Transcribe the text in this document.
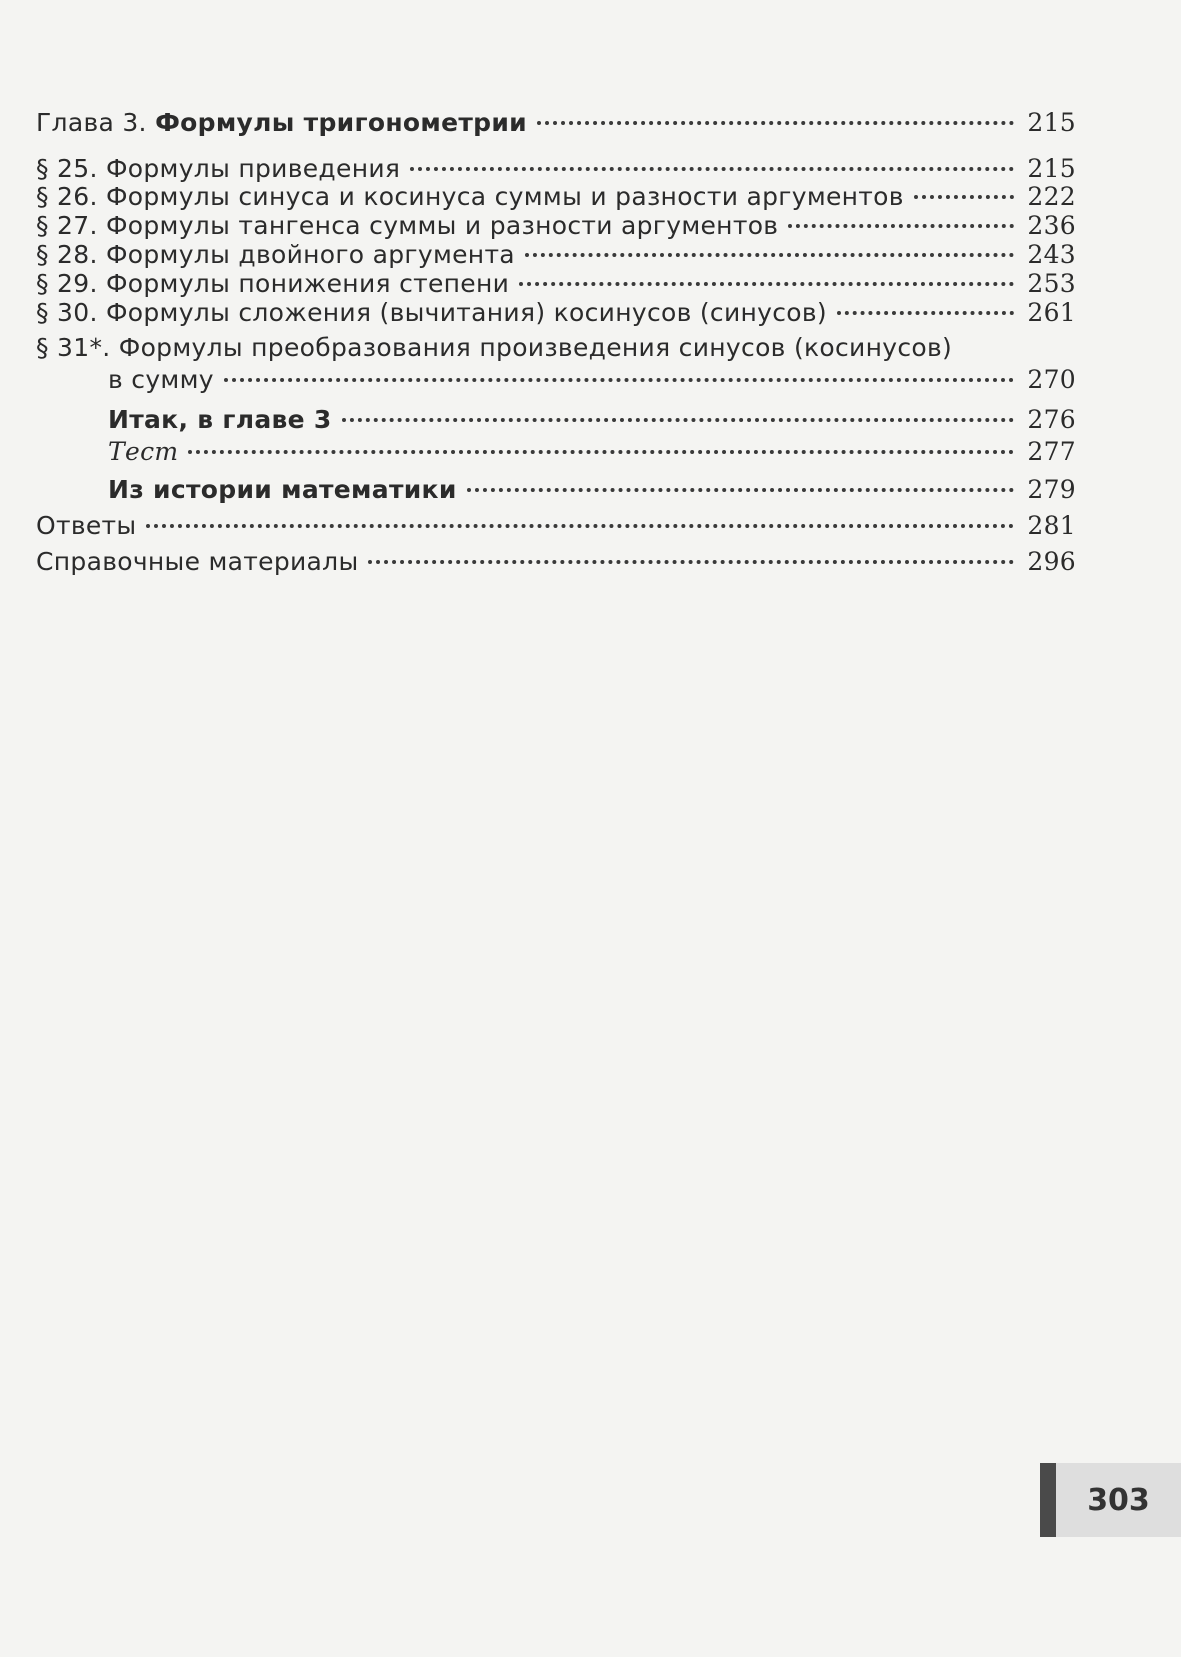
Глава 3. Формулы тригонометрии	215
§ 25. Формулы приведения	215
§ 26. Формулы синуса и косинуса суммы и разности аргументов	222
§ 27. Формулы тангенса суммы и разности аргументов	236
§ 28. Формулы двойного аргумента	243
§ 29. Формулы понижения степени	253
§ 30. Формулы сложения (вычитания) косинусов (синусов)	261
§ 31*. Формулы преобразования произведения синусов (косинусов)
в сумму	270
Итак, в главе 3	276
Тест	277
Из истории математики	279
Ответы	281
Справочные материалы	296
303
